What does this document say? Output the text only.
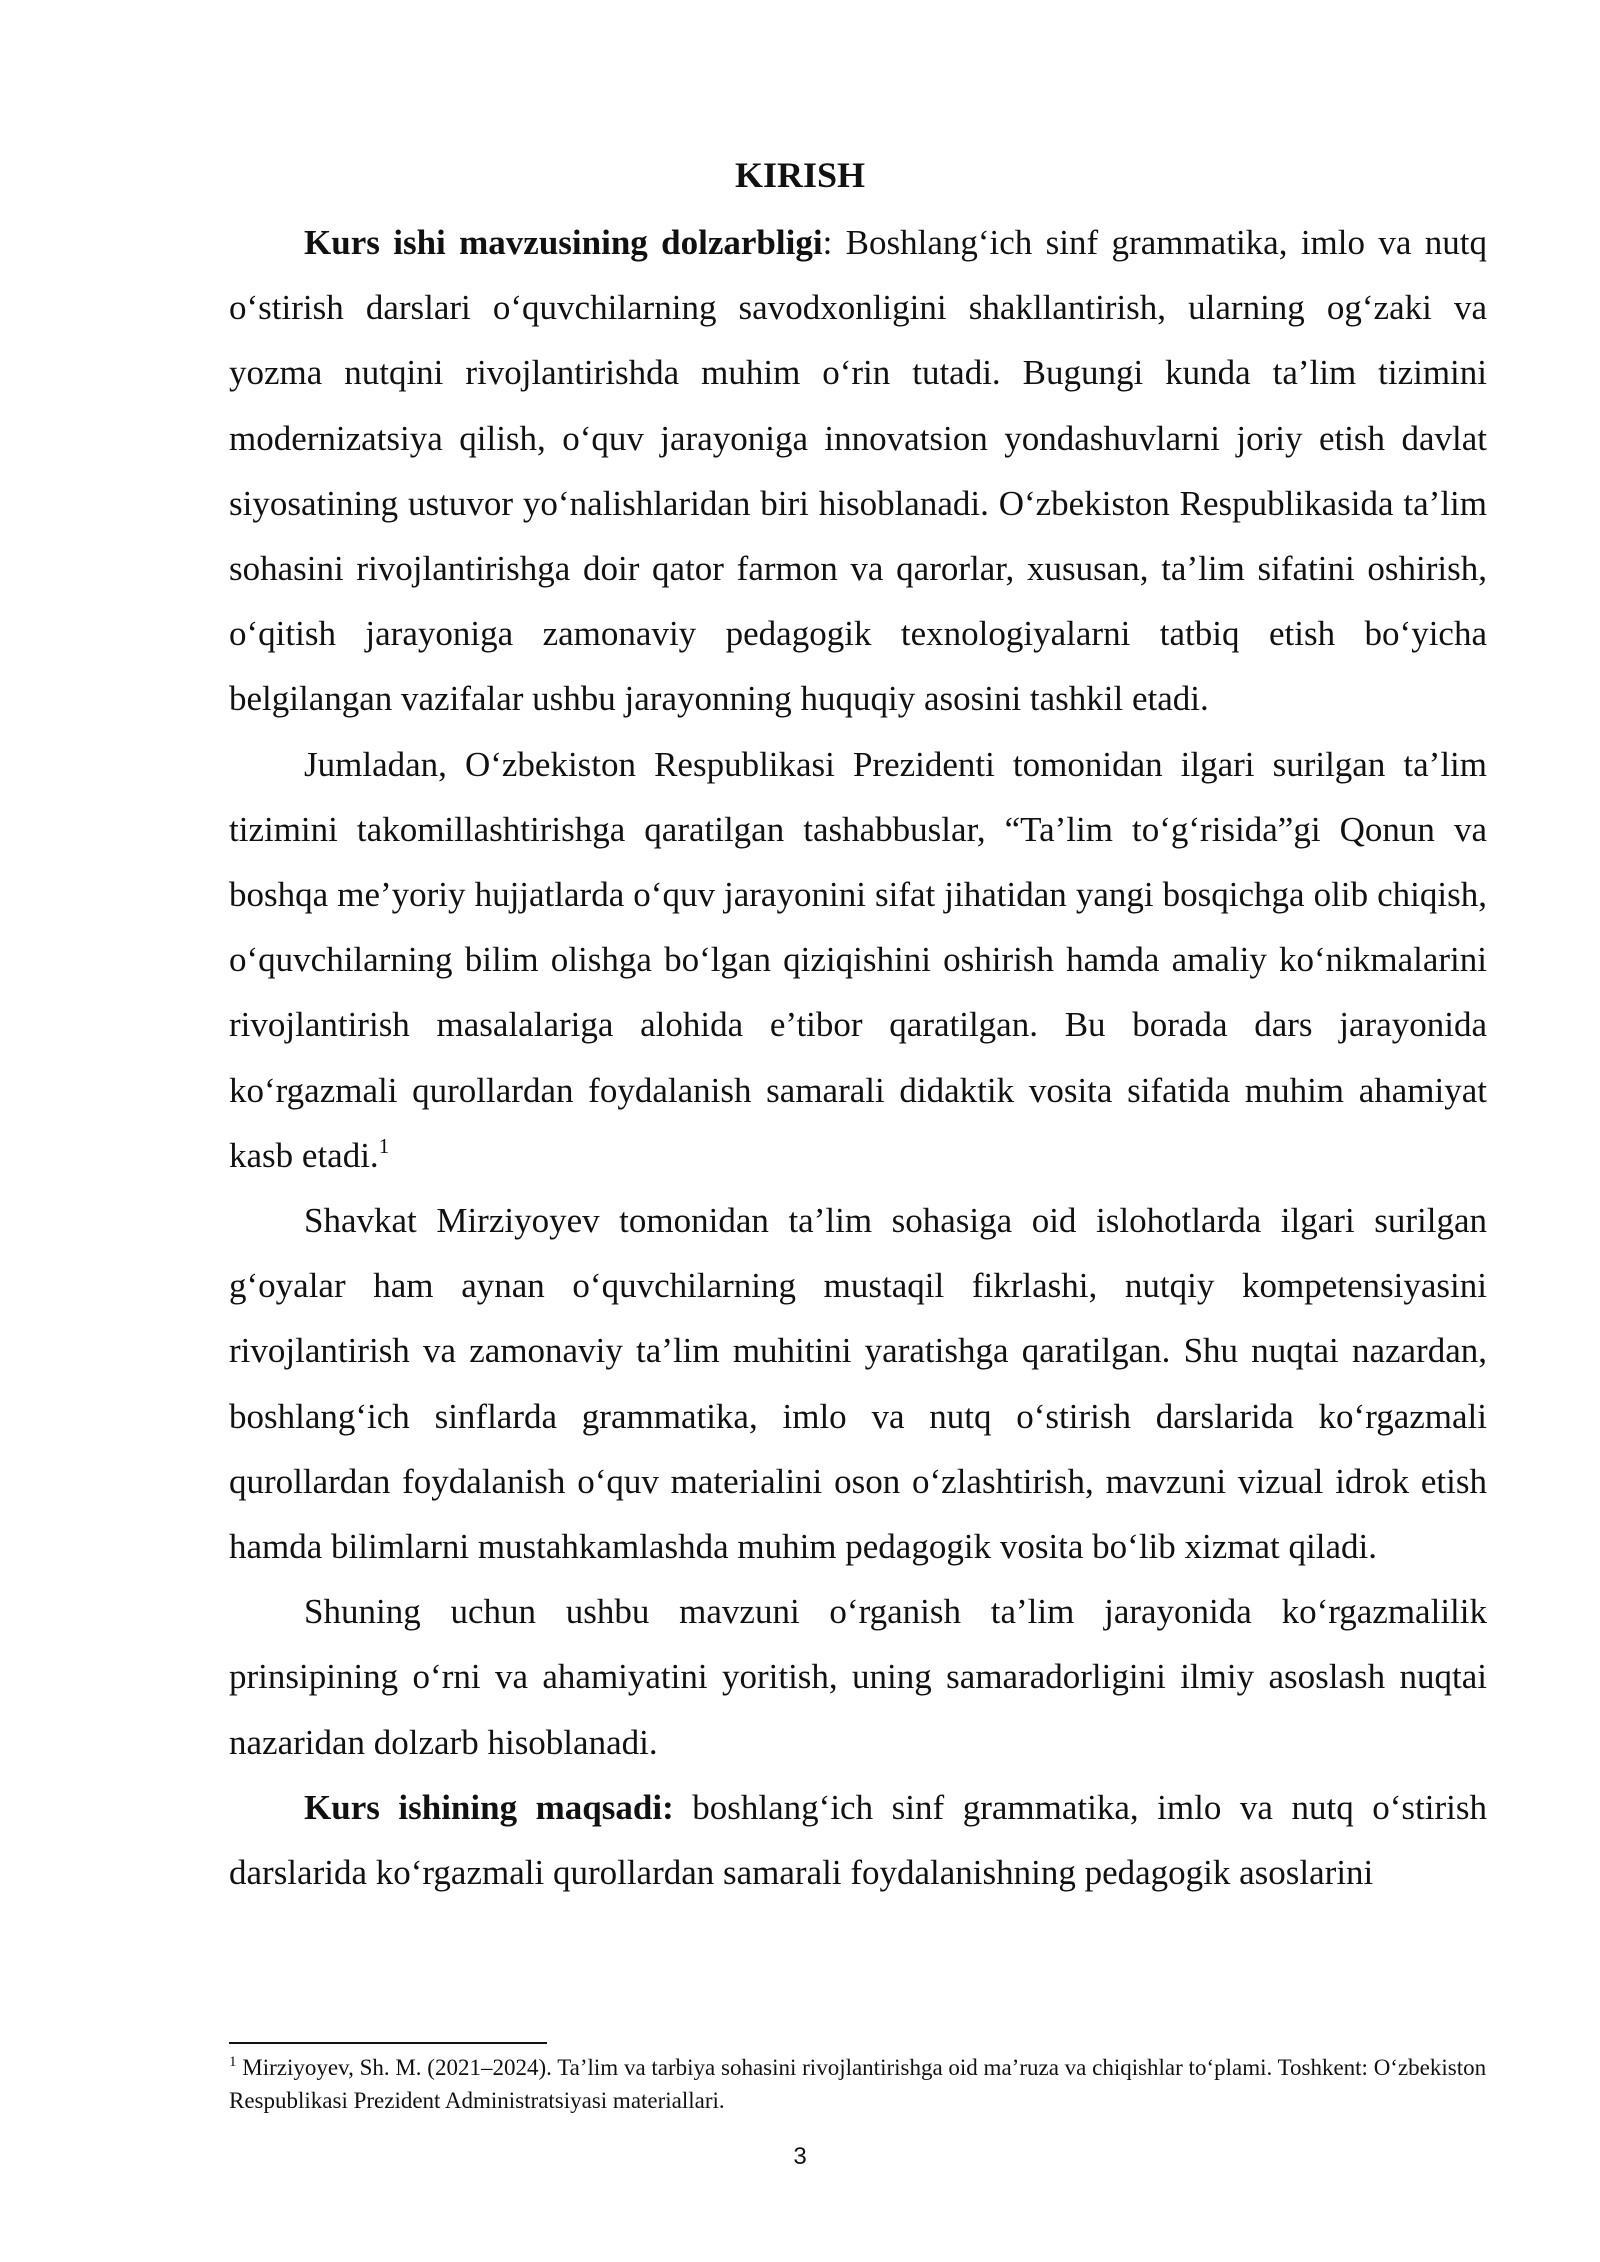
KIRISH

Kurs ishi mavzusining dolzarbligi: Boshlang‘ich sinf grammatika, imlo va nutq o‘stirish darslari o‘quvchilarning savodxonligini shakllantirish, ularning og‘zaki va yozma nutqini rivojlantirishda muhim o‘rin tutadi. Bugungi kunda ta’lim tizimini modernizatsiya qilish, o‘quv jarayoniga innovatsion yondashuvlarni joriy etish davlat siyosatining ustuvor yo‘nalishlaridan biri hisoblanadi. O‘zbekiston Respublikasida ta’lim sohasini rivojlantirishga doir qator farmon va qarorlar, xususan, ta’lim sifatini oshirish, o‘qitish jarayoniga zamonaviy pedagogik texnologiyalarni tatbiq etish bo‘yicha belgilangan vazifalar ushbu jarayonning huquqiy asosini tashkil etadi.

Jumladan, O‘zbekiston Respublikasi Prezidenti tomonidan ilgari surilgan ta’lim tizimini takomillashtirishga qaratilgan tashabbuslar, “Ta’lim to‘g‘risida”gi Qonun va boshqa me’yoriy hujjatlarda o‘quv jarayonini sifat jihatidan yangi bosqichga olib chiqish, o‘quvchilarning bilim olishga bo‘lgan qiziqishini oshirish hamda amaliy ko‘nikmalarini rivojlantirish masalalariga alohida e’tibor qaratilgan. Bu borada dars jarayonida ko‘rgazmali qurollardan foydalanish samarali didaktik vosita sifatida muhim ahamiyat kasb etadi.$^1$

Shavkat Mirziyoyev tomonidan ta’lim sohasiga oid islohotlarda ilgari surilgan g‘oyalar ham aynan o‘quvchilarning mustaqil fikrlashi, nutqiy kompetensiyasini rivojlantirish va zamonaviy ta’lim muhitini yaratishga qaratilgan. Shu nuqtai nazardan, boshlang‘ich sinflarda grammatika, imlo va nutq o‘stirish darslarida ko‘rgazmali qurollardan foydalanish o‘quv materialini oson o‘zlashtirish, mavzuni vizual idrok etish hamda bilimlarni mustahkamlashda muhim pedagogik vosita bo‘lib xizmat qiladi.

Shuning uchun ushbu mavzuni o‘rganish ta’lim jarayonida ko‘rgazmalilik prinsipining o‘rni va ahamiyatini yoritish, uning samaradorligini ilmiy asoslash nuqtai nazaridan dolzarb hisoblanadi.

Kurs ishining maqsadi: boshlang‘ich sinf grammatika, imlo va nutq o‘stirish darslarida ko‘rgazmali qurollardan samarali foydalanishning pedagogik asoslarini

$^1$ Mirziyoyev, Sh. M. (2021–2024). Ta’lim va tarbiya sohasini rivojlantirishga oid ma’ruza va chiqishlar to‘plami. Toshkent: O‘zbekiston Respublikasi Prezident Administratsiyasi materiallari.

3
